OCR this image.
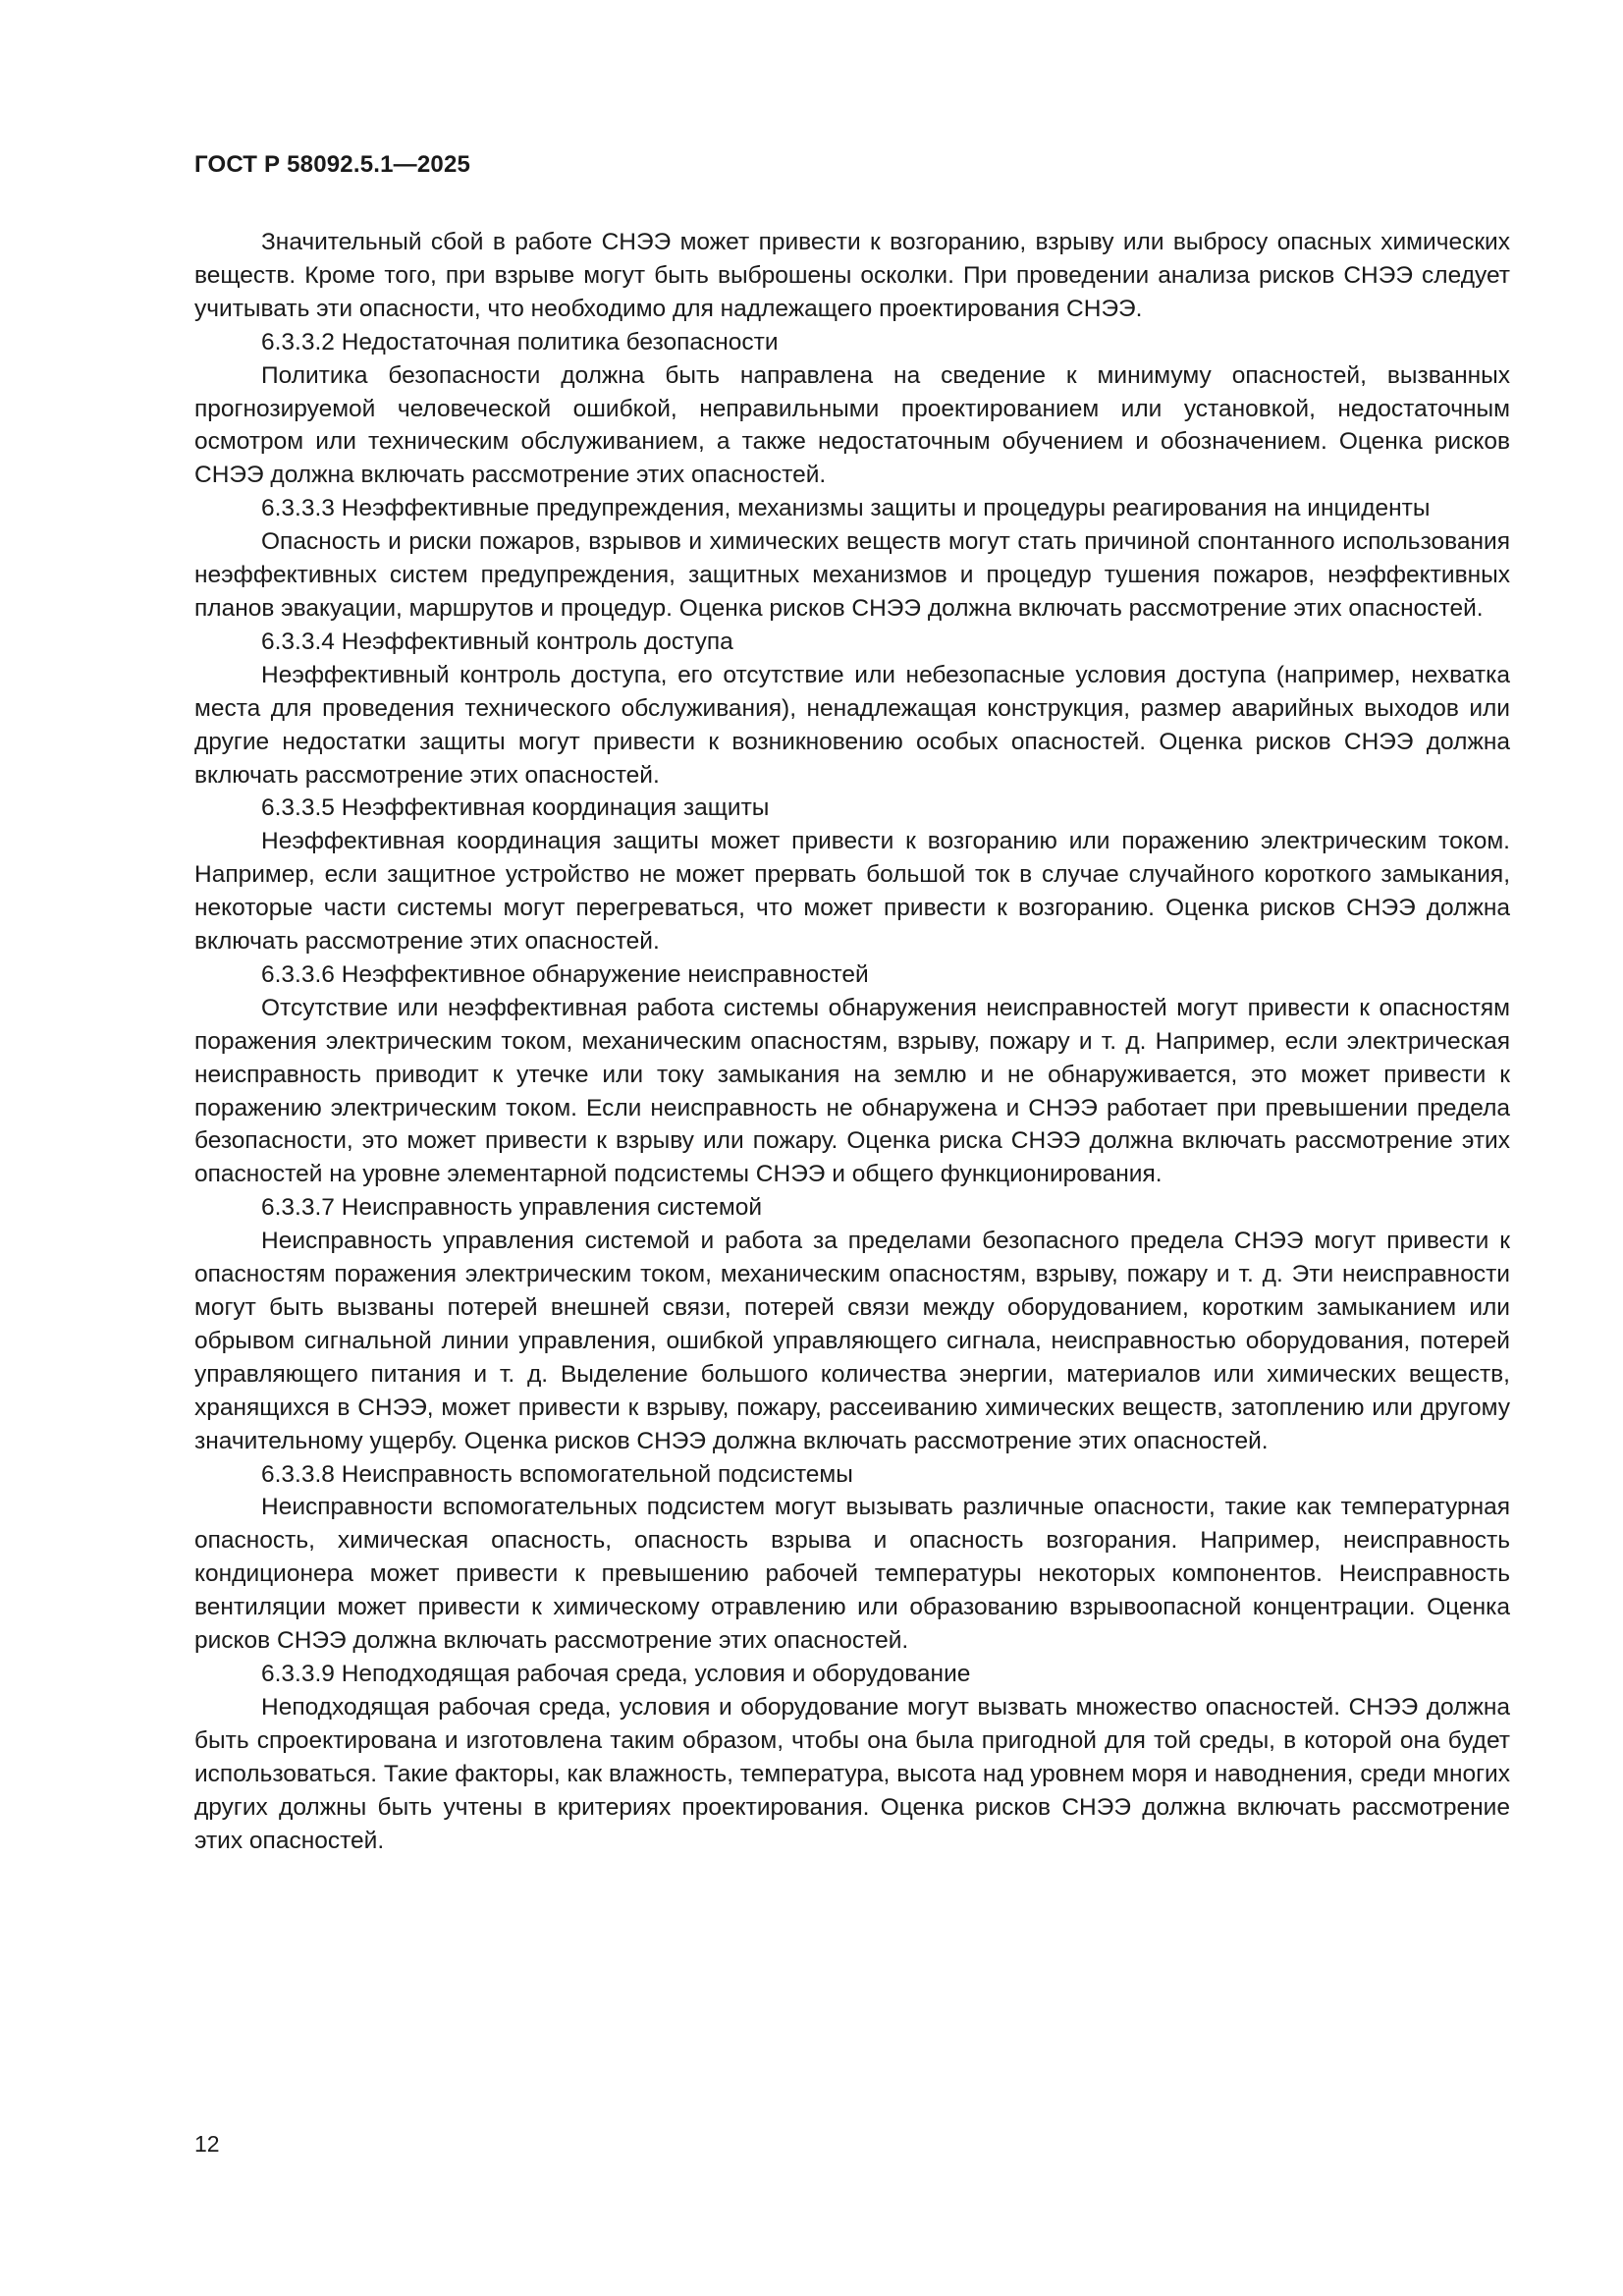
ГОСТ Р 58092.5.1—2025

Значительный сбой в работе СНЭЭ может привести к возгоранию, взрыву или выбросу опасных химических веществ. Кроме того, при взрыве могут быть выброшены осколки. При проведении анализа рисков СНЭЭ следует учитывать эти опасности, что необходимо для надлежащего проектирования СНЭЭ.

6.3.3.2 Недостаточная политика безопасности

Политика безопасности должна быть направлена на сведение к минимуму опасностей, вызванных прогнозируемой человеческой ошибкой, неправильными проектированием или установкой, недостаточным осмотром или техническим обслуживанием, а также недостаточным обучением и обозначением. Оценка рисков СНЭЭ должна включать рассмотрение этих опасностей.

6.3.3.3 Неэффективные предупреждения, механизмы защиты и процедуры реагирования на инциденты

Опасность и риски пожаров, взрывов и химических веществ могут стать причиной спонтанного использования неэффективных систем предупреждения, защитных механизмов и процедур тушения пожаров, неэффективных планов эвакуации, маршрутов и процедур. Оценка рисков СНЭЭ должна включать рассмотрение этих опасностей.

6.3.3.4 Неэффективный контроль доступа

Неэффективный контроль доступа, его отсутствие или небезопасные условия доступа (например, нехватка места для проведения технического обслуживания), ненадлежащая конструкция, размер аварийных выходов или другие недостатки защиты могут привести к возникновению особых опасностей. Оценка рисков СНЭЭ должна включать рассмотрение этих опасностей.

6.3.3.5 Неэффективная координация защиты

Неэффективная координация защиты может привести к возгоранию или поражению электрическим током. Например, если защитное устройство не может прервать большой ток в случае случайного короткого замыкания, некоторые части системы могут перегреваться, что может привести к возгоранию. Оценка рисков СНЭЭ должна включать рассмотрение этих опасностей.

6.3.3.6 Неэффективное обнаружение неисправностей

Отсутствие или неэффективная работа системы обнаружения неисправностей могут привести к опасностям поражения электрическим током, механическим опасностям, взрыву, пожару и т. д. Например, если электрическая неисправность приводит к утечке или току замыкания на землю и не обнаруживается, это может привести к поражению электрическим током. Если неисправность не обнаружена и СНЭЭ работает при превышении предела безопасности, это может привести к взрыву или пожару. Оценка риска СНЭЭ должна включать рассмотрение этих опасностей на уровне элементарной подсистемы СНЭЭ и общего функционирования.

6.3.3.7 Неисправность управления системой

Неисправность управления системой и работа за пределами безопасного предела СНЭЭ могут привести к опасностям поражения электрическим током, механическим опасностям, взрыву, пожару и т. д. Эти неисправности могут быть вызваны потерей внешней связи, потерей связи между оборудованием, коротким замыканием или обрывом сигнальной линии управления, ошибкой управляющего сигнала, неисправностью оборудования, потерей управляющего питания и т. д. Выделение большого количества энергии, материалов или химических веществ, хранящихся в СНЭЭ, может привести к взрыву, пожару, рассеиванию химических веществ, затоплению или другому значительному ущербу. Оценка рисков СНЭЭ должна включать рассмотрение этих опасностей.

6.3.3.8 Неисправность вспомогательной подсистемы

Неисправности вспомогательных подсистем могут вызывать различные опасности, такие как температурная опасность, химическая опасность, опасность взрыва и опасность возгорания. Например, неисправность кондиционера может привести к превышению рабочей температуры некоторых компонентов. Неисправность вентиляции может привести к химическому отравлению или образованию взрывоопасной концентрации. Оценка рисков СНЭЭ должна включать рассмотрение этих опасностей.

6.3.3.9 Неподходящая рабочая среда, условия и оборудование

Неподходящая рабочая среда, условия и оборудование могут вызвать множество опасностей. СНЭЭ должна быть спроектирована и изготовлена таким образом, чтобы она была пригодной для той среды, в которой она будет использоваться. Такие факторы, как влажность, температура, высота над уровнем моря и наводнения, среди многих других должны быть учтены в критериях проектирования. Оценка рисков СНЭЭ должна включать рассмотрение этих опасностей.

12
